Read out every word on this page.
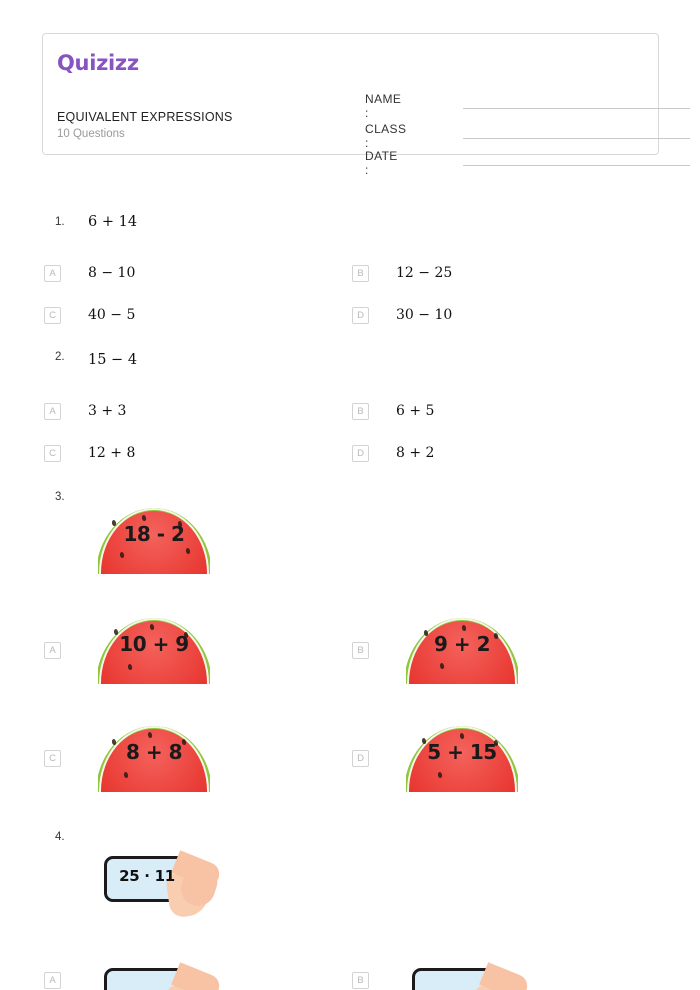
Quizizz
EQUIVALENT EXPRESSIONS
10 Questions
NAME :
CLASS :
DATE :
1. 6 + 14
A	8 − 10	B	12 − 25
C	40 − 5	D	30 − 10
2. 15 − 4
A	3 + 3	B	6 + 5
C	12 + 8	D	8 + 2
3.
18 - 2
A	10 + 9	B	9 + 2
C	8 + 8	D	5 + 15
4.
25 · 11
A	B
